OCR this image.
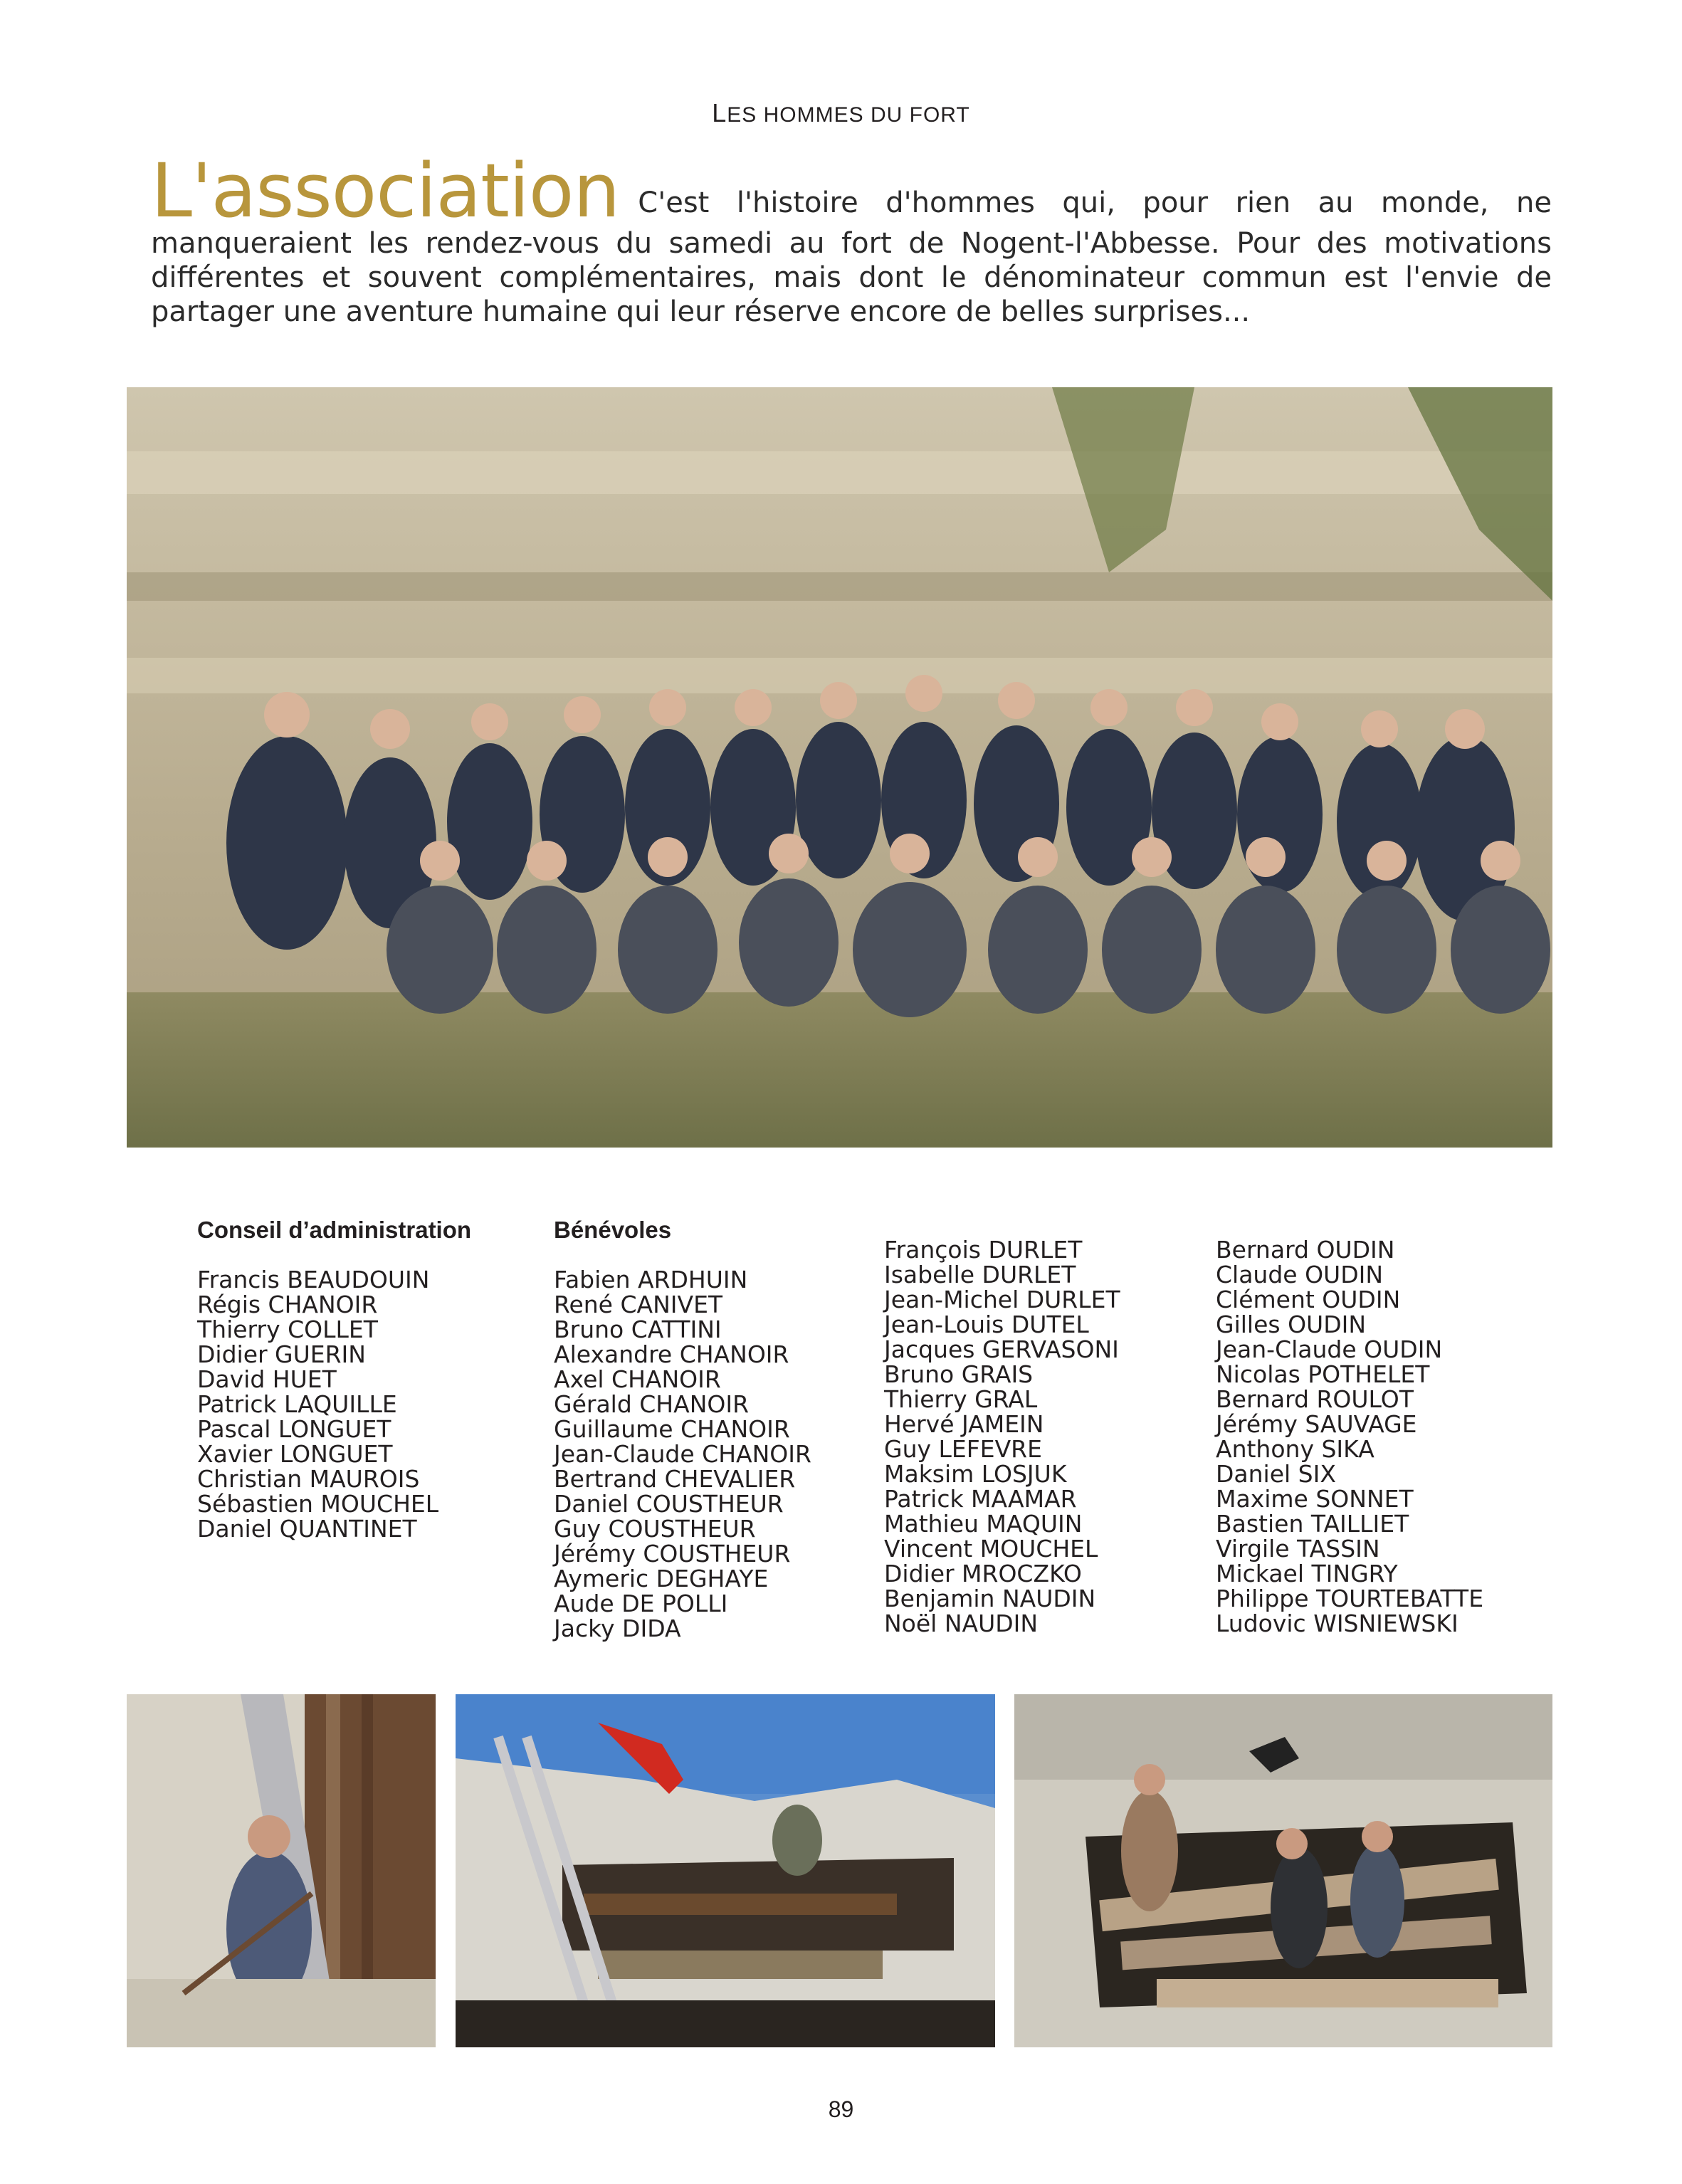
LES HOMMES DU FORT
L'association C'est l'histoire d'hommes qui, pour rien au monde, ne manqueraient les rendez-vous du samedi au fort de Nogent-l'Abbesse. Pour des motivations différentes et souvent complémentaires, mais dont le dénominateur commun est l'envie de partager une aventure humaine qui leur réserve encore de belles surprises...
Conseil d’administration
Francis BEAUDOUIN
Régis CHANOIR
Thierry COLLET
Didier GUERIN
David HUET
Patrick LAQUILLE
Pascal LONGUET
Xavier LONGUET
Christian MAUROIS
Sébastien MOUCHEL
Daniel QUANTINET
Bénévoles
Fabien ARDHUIN
René CANIVET
Bruno CATTINI
Alexandre CHANOIR
Axel CHANOIR
Gérald CHANOIR
Guillaume CHANOIR
Jean-Claude CHANOIR
Bertrand CHEVALIER
Daniel COUSTHEUR
Guy COUSTHEUR
Jérémy COUSTHEUR
Aymeric DEGHAYE
Aude DE POLLI
Jacky DIDA
François DURLET
Isabelle DURLET
Jean-Michel DURLET
Jean-Louis DUTEL
Jacques GERVASONI
Bruno GRAIS
Thierry GRAL
Hervé JAMEIN
Guy LEFEVRE
Maksim LOSJUK
Patrick MAAMAR
Mathieu MAQUIN
Vincent MOUCHEL
Didier MROCZKO
Benjamin NAUDIN
Noël NAUDIN
Bernard OUDIN
Claude OUDIN
Clément OUDIN
Gilles OUDIN
Jean-Claude OUDIN
Nicolas POTHELET
Bernard ROULOT
Jérémy SAUVAGE
Anthony SIKA
Daniel SIX
Maxime SONNET
Bastien TAILLIET
Virgile TASSIN
Mickael TINGRY
Philippe TOURTEBATTE
Ludovic WISNIEWSKI
89
